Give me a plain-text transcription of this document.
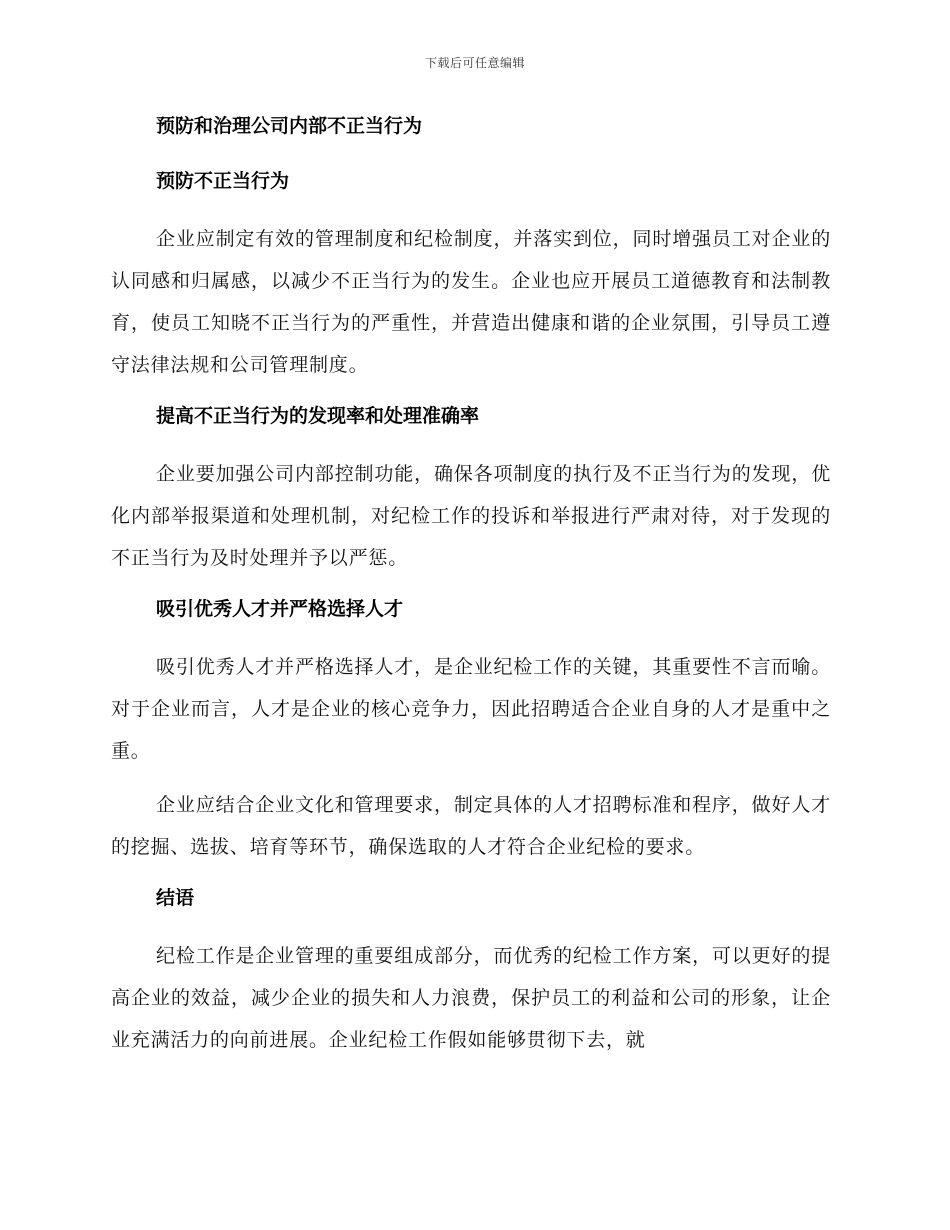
下载后可任意编辑
预防和治理公司内部不正当行为
预防不正当行为
企业应制定有效的管理制度和纪检制度，并落实到位，同时增强员工对企业的认同感和归属感，以减少不正当行为的发生。企业也应开展员工道德教育和法制教育，使员工知晓不正当行为的严重性，并营造出健康和谐的企业氛围，引导员工遵守法律法规和公司管理制度。
提高不正当行为的发现率和处理准确率
企业要加强公司内部控制功能，确保各项制度的执行及不正当行为的发现，优化内部举报渠道和处理机制，对纪检工作的投诉和举报进行严肃对待，对于发现的不正当行为及时处理并予以严惩。
吸引优秀人才并严格选择人才
吸引优秀人才并严格选择人才，是企业纪检工作的关键，其重要性不言而喻。对于企业而言，人才是企业的核心竞争力，因此招聘适合企业自身的人才是重中之重。
企业应结合企业文化和管理要求，制定具体的人才招聘标准和程序，做好人才的挖掘、选拔、培育等环节，确保选取的人才符合企业纪检的要求。
结语
纪检工作是企业管理的重要组成部分，而优秀的纪检工作方案，可以更好的提高企业的效益，减少企业的损失和人力浪费，保护员工的利益和公司的形象，让企业充满活力的向前进展。企业纪检工作假如能够贯彻下去，就
